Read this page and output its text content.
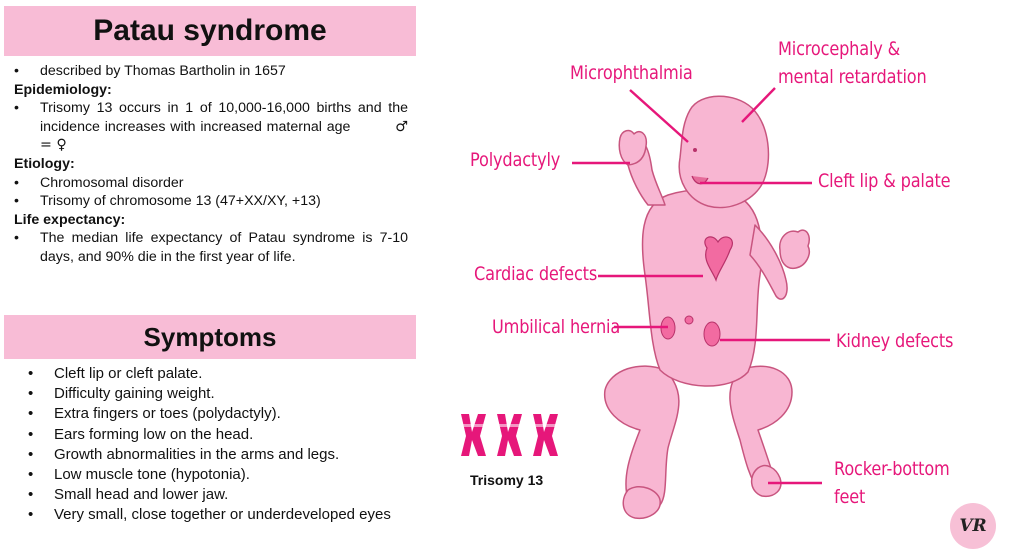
Patau syndrome
• described by Thomas Bartholin in 1657
Epidemiology:
• Trisomy 13 occurs in 1 of 10,000-16,000 births and the incidence increases with increased maternal age	♂ = ♀
Etiology:
• Chromosomal disorder
• Trisomy of chromosome 13 (47+XX/XY, +13)
Life expectancy:
• The median life expectancy of Patau syndrome is 7-10 days, and 90% die in the first year of life.
Symptoms
• Cleft lip or cleft palate.
• Difficulty gaining weight.
• Extra fingers or toes (polydactyly).
• Ears forming low on the head.
• Growth abnormalities in the arms and legs.
• Low muscle tone (hypotonia).
• Small head and lower jaw.
• Very small, close together or underdeveloped eyes
Microphthalmia
Microcephaly &
mental retardation
Polydactyly
Cleft lip & palate
Cardiac defects
Umbilical hernia
Kidney defects
Rocker-bottom
feet
Trisomy 13
VR
